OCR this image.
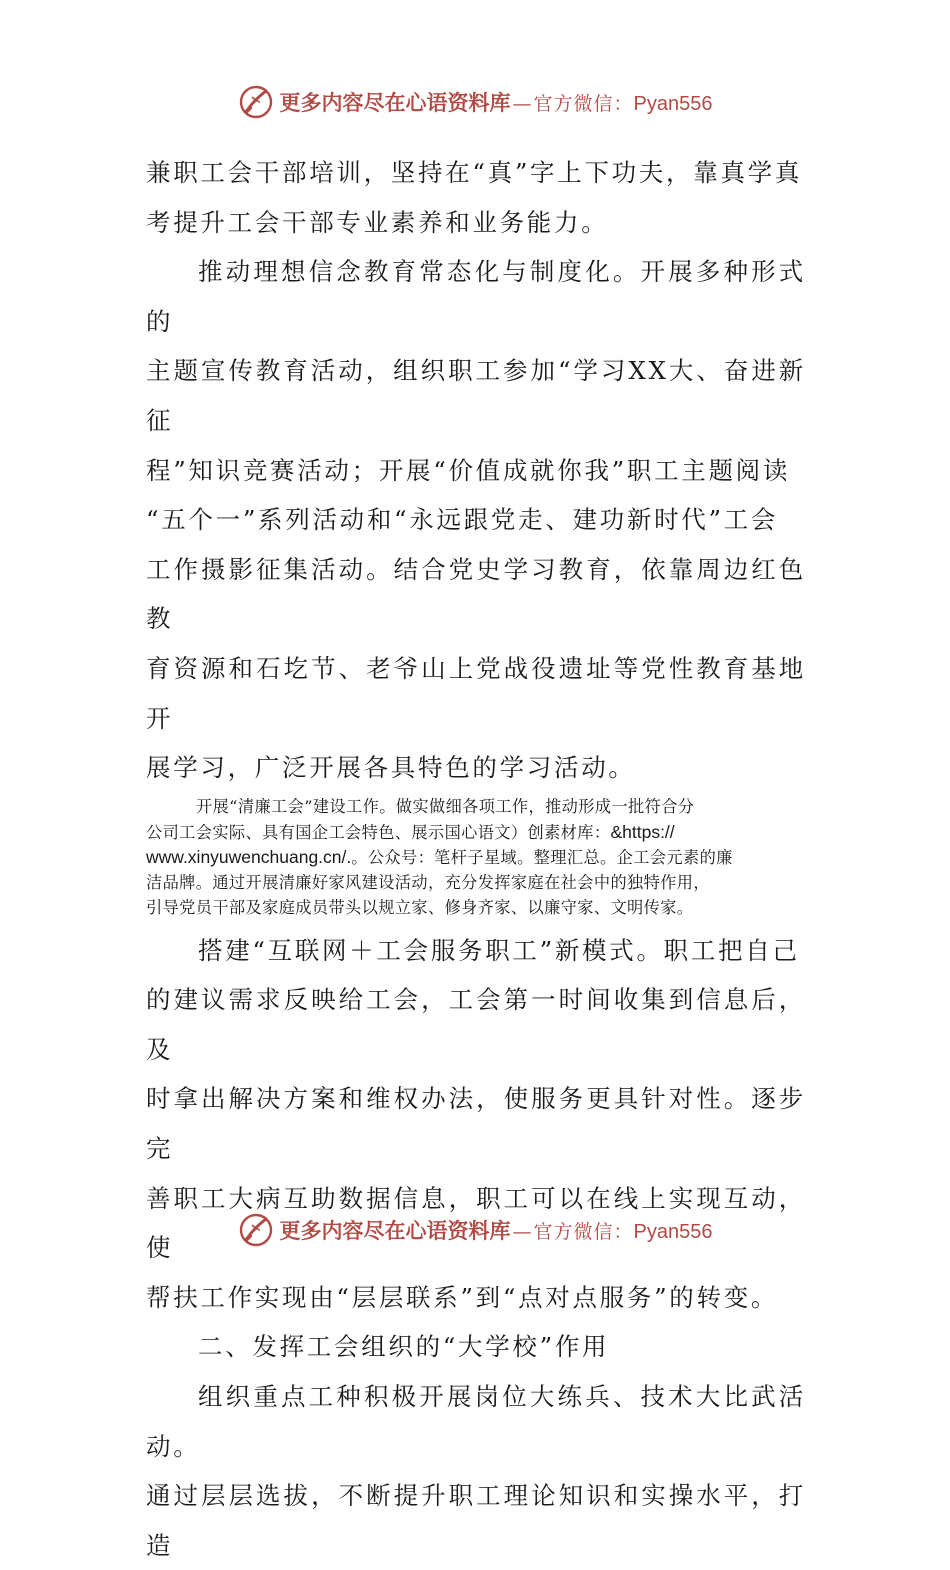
更多内容尽在心语资料库 — 官方微信： Pyan556

兼职工会干部培训，坚持在“真”字上下功夫，靠真学真
考提升工会干部专业素养和业务能力。

推动理想信念教育常态化与制度化。开展多种形式的
主题宣传教育活动，组织职工参加“学习XX大、奋进新征
程”知识竞赛活动；开展“价值成就你我”职工主题阅读
“五个一”系列活动和“永远跟党走、建功新时代”工会
工作摄影征集活动。结合党史学习教育，依靠周边红色教
育资源和石圪节、老爷山上党战役遗址等党性教育基地开
展学习，广泛开展各具特色的学习活动。

开展“清廉工会”建设工作。做实做细各项工作，推动形成一批符合分
公司工会实际、具有国企工会特色、展示国心语文）创素材库：&https://
www.xinyuwenchuang.cn/.。公众号：笔杆子星域。整理汇总。企工会元素的廉
洁品牌。通过开展清廉好家风建设活动，充分发挥家庭在社会中的独特作用，
引导党员干部及家庭成员带头以规立家、修身齐家、以廉守家、文明传家。

搭建“互联网＋工会服务职工”新模式。职工把自己
的建议需求反映给工会，工会第一时间收集到信息后，及
时拿出解决方案和维权办法，使服务更具针对性。逐步完
善职工大病互助数据信息，职工可以在线上实现互动，使
帮扶工作实现由“层层联系”到“点对点服务”的转变。

二、发挥工会组织的“大学校”作用

组织重点工种积极开展岗位大练兵、技术大比武活动。
通过层层选拔，不断提升职工理论知识和实操水平，打造

更多内容尽在心语资料库 — 官方微信： Pyan556
